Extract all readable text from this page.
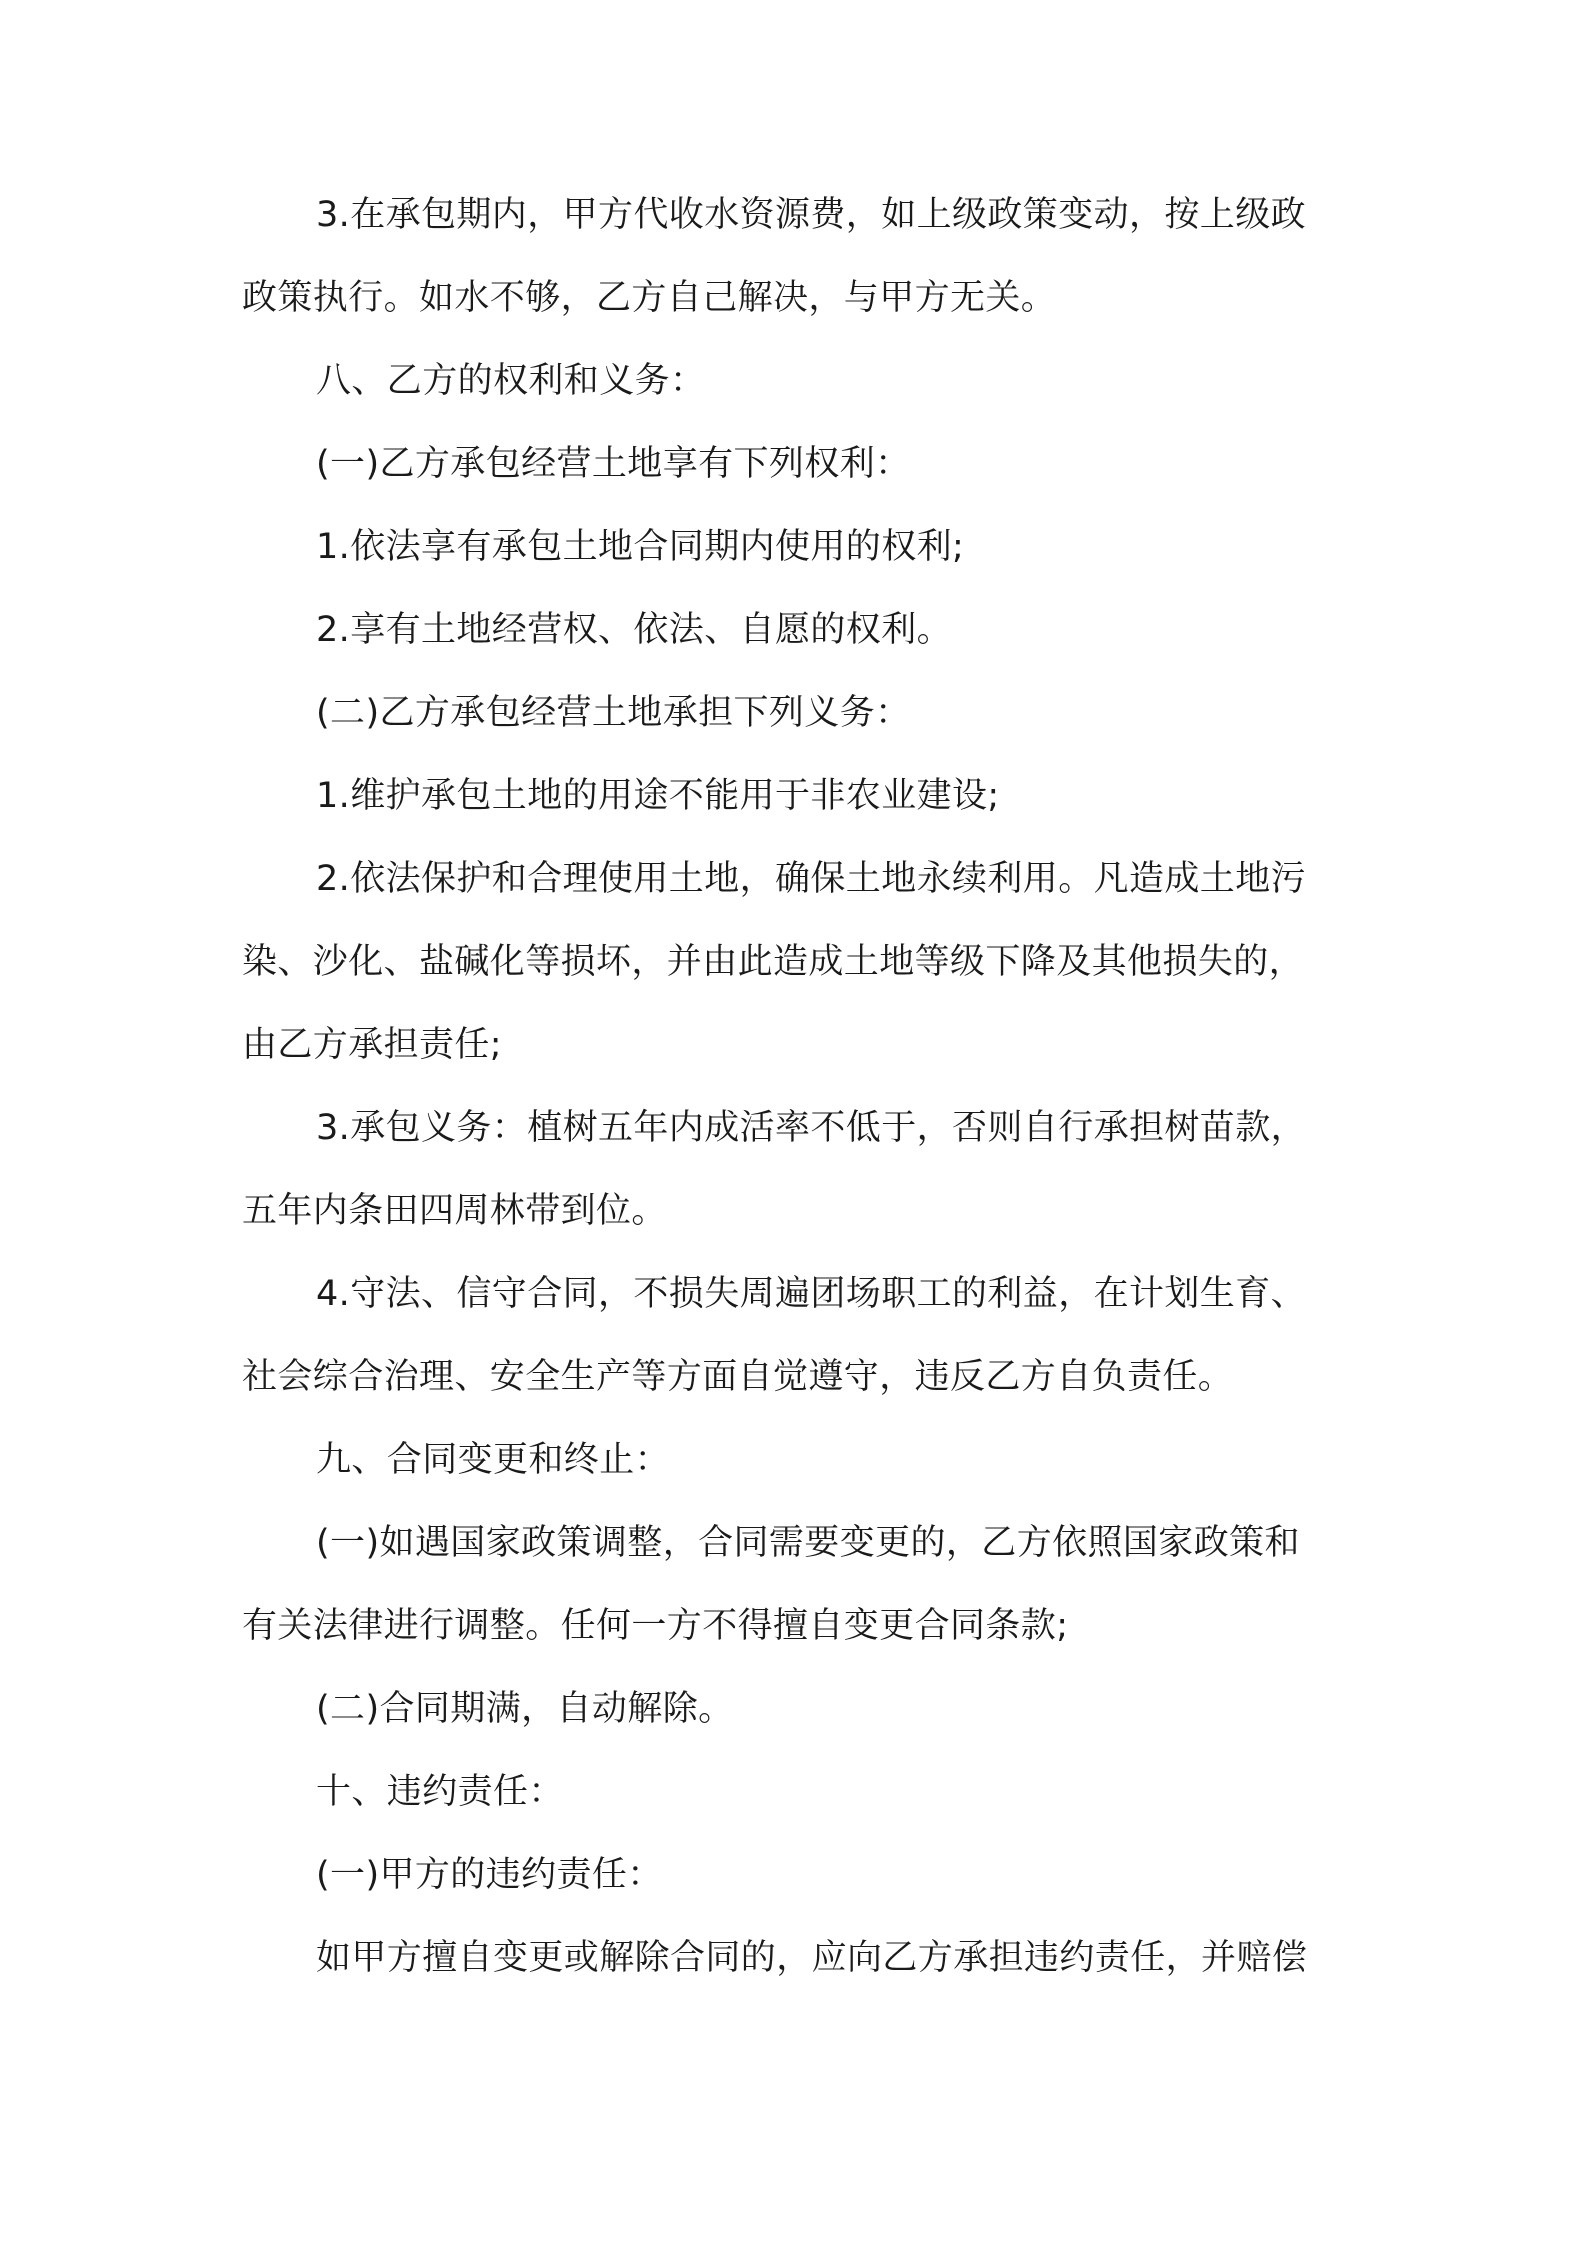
3.在承包期内，甲方代收水资源费，如上级政策变动，按上级政
政策执行。如水不够，乙方自己解决，与甲方无关。
八、乙方的权利和义务：
(一)乙方承包经营土地享有下列权利：
1.依法享有承包土地合同期内使用的权利;
2.享有土地经营权、依法、自愿的权利。
(二)乙方承包经营土地承担下列义务：
1.维护承包土地的用途不能用于非农业建设;
2.依法保护和合理使用土地，确保土地永续利用。凡造成土地污
染、沙化、盐碱化等损坏，并由此造成土地等级下降及其他损失的，
由乙方承担责任;
3.承包义务：植树五年内成活率不低于，否则自行承担树苗款，
五年内条田四周林带到位。
4.守法、信守合同，不损失周遍团场职工的利益，在计划生育、
社会综合治理、安全生产等方面自觉遵守，违反乙方自负责任。
九、合同变更和终止：
(一)如遇国家政策调整，合同需要变更的，乙方依照国家政策和
有关法律进行调整。任何一方不得擅自变更合同条款;
(二)合同期满，自动解除。
十、违约责任：
(一)甲方的违约责任：
如甲方擅自变更或解除合同的，应向乙方承担违约责任，并赔偿
